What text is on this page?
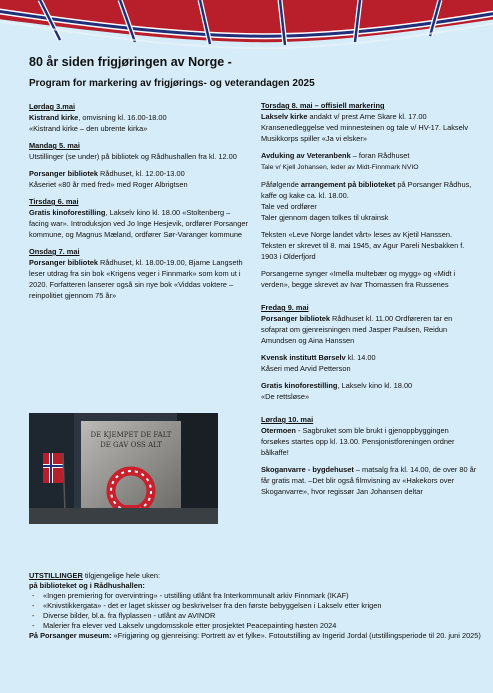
80 år siden frigjøringen av Norge -
Program for markering av frigjørings- og veterandagen 2025

Lørdag 3.mai
Kistrand kirke, omvisning kl. 16.00-18.00
«Kistrand kirke – den ubrente kirka»

Mandag 5. mai
Utstillinger (se under) på bibliotek og Rådhushallen fra kl. 12.00

Porsanger bibliotek Rådhuset, kl. 12.00-13.00
Kåseriet «80 år med fred» med Roger Albrigtsen

Tirsdag 6. mai
Gratis kinoforestilling, Lakselv kino kl. 18.00 «Stoltenberg – facing war». Introduksjon ved Jo Inge Hesjevik, ordfører Porsanger kommune, og Magnus Mæland, ordfører Sør-Varanger kommune

Onsdag 7. mai
Porsanger bibliotek Rådhuset, kl. 18.00-19.00, Bjarne Langseth leser utdrag fra sin bok «Krigens veger i Finnmark» som kom ut i 2020. Forfatteren lanserer også sin nye bok «Viddas voktere – reinpolitiet gjennom 75 år»

DE KJEMPET DE FALT
DE GAV OSS ALT

Torsdag 8. mai – offisiell markering
Lakselv kirke andakt v/ prest Arne Skare kl. 17.00 Kransenedleggelse ved minnesteinen og tale v/ HV-17. Lakselv Musikkorps spiller «Ja vi elsker»

Avduking av Veteranbenk – foran Rådhuset
Tale v/ Kjell Johansen, leder av Midt-Finnmark NVIO

Påfølgende arrangement på biblioteket på Porsanger Rådhus, kaffe og kake ca. kl. 18.00.
Tale ved ordfører
Taler gjennom dagen tolkes til ukrainsk

Teksten «Leve Norge landet vårt» leses av Kjetil Hanssen. Teksten er skrevet til 8. mai 1945, av Agur Pareli Nesbakken f. 1903 i Olderfjord

Porsangerne synger «Imella multebær og mygg» og «Midt i verden», begge skrevet av Ivar Thomassen fra Russenes

Fredag 9. mai
Porsanger bibliotek Rådhuset kl. 11.00 Ordføreren tar en sofaprat om gjenreisningen med Jasper Paulsen, Reidun Amundsen og Aina Hanssen

Kvensk institutt Børselv kl. 14.00
Kåseri med Arvid Petterson

Gratis kinoforestilling, Lakselv kino kl. 18.00
«De rettsløse»

Lørdag 10. mai
Otermoen - Sagbruket som ble brukt i gjenoppbyggingen forsøkes startes opp kl. 13.00. Pensjonistforeningen ordner bålkaffe!

Skoganvarre - bygdehuset – matsalg fra kl. 14.00, de over 80 år får gratis mat. –Det blir også filmvisning av «Hakekors over Skoganvarre», hvor regissør Jan Johansen deltar

UTSTILLINGER tilgjengelige hele uken:

på biblioteket og i Rådhushallen:

- «Ingen premiering for overvintring» - utstilling utlånt fra Interkommunalt arkiv Finnmark (IKAF)
- «Knivstikkergata» - det er laget skisser og beskrivelser fra den første bebyggelsen i Lakselv etter krigen
- Diverse bilder, bl.a. fra flyplassen - utlånt av AVINOR
- Malerier fra elever ved Lakselv ungdomsskole etter prosjektet Peacepainting høsten 2024

På Porsanger museum: «Frigjøring og gjenreising: Portrett av et fylke». Fotoutstilling av Ingerid Jordal (utstillingsperiode til 20. juni 2025)
